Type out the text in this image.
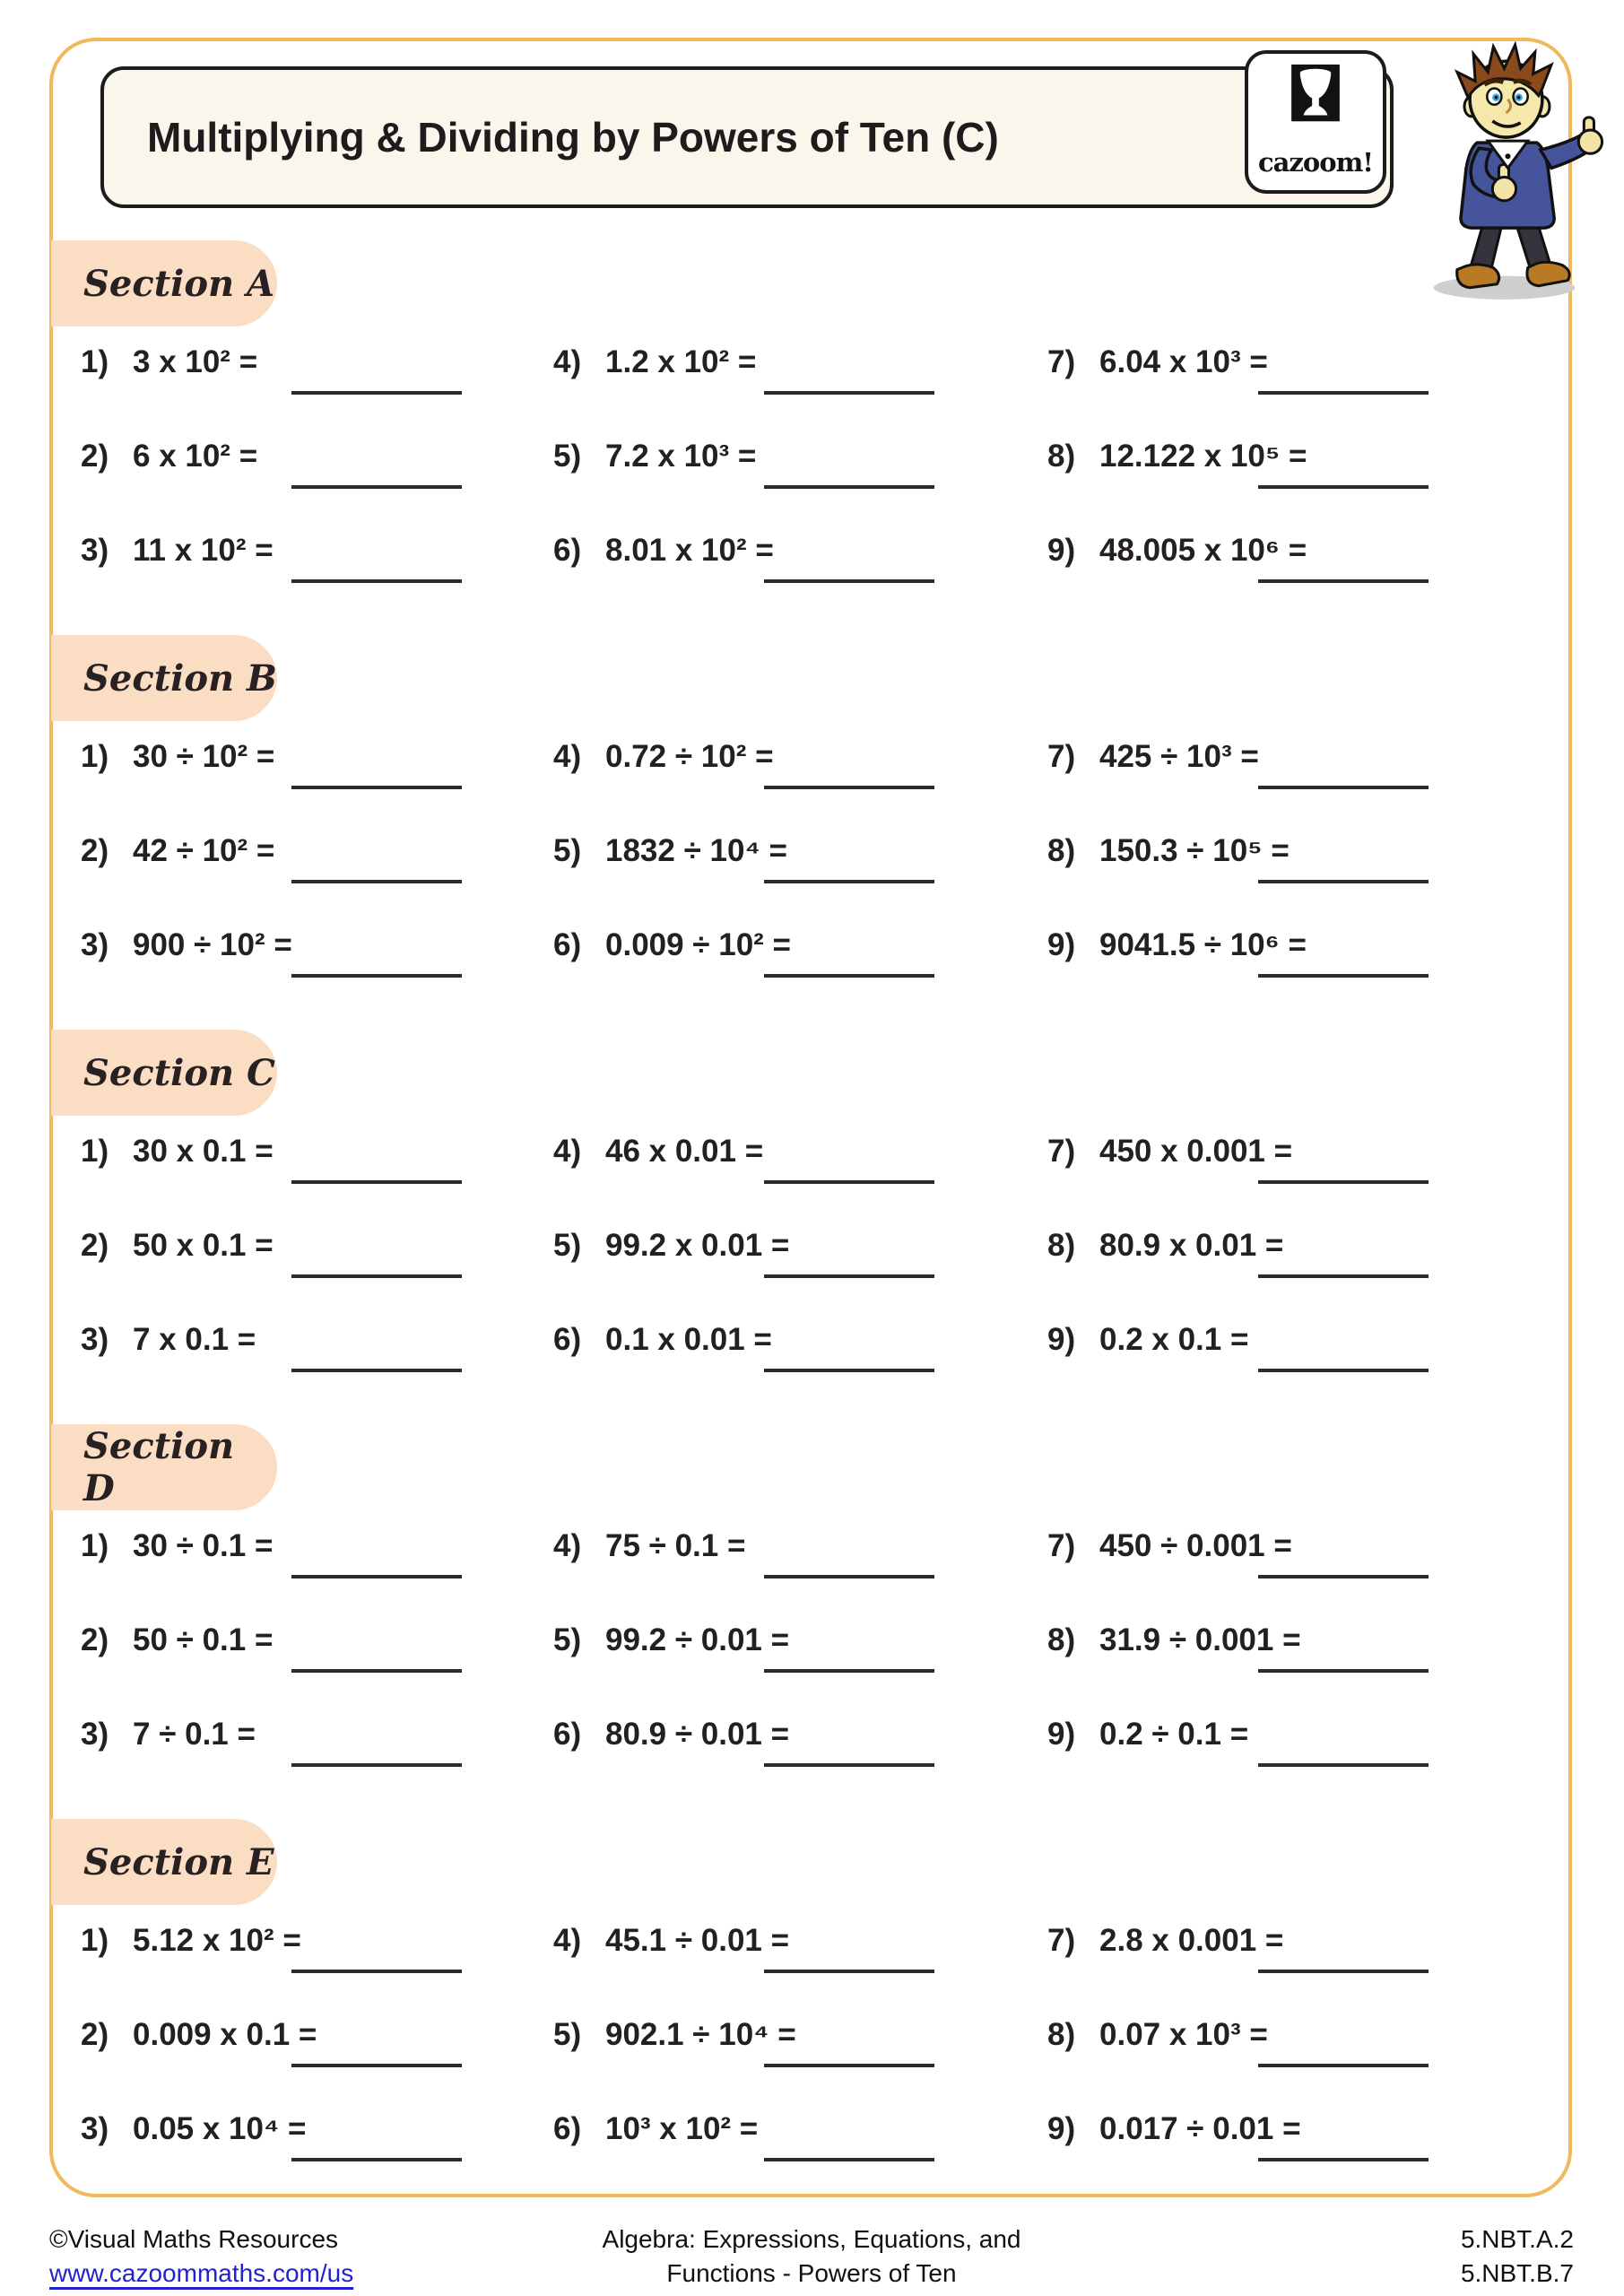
Multiplying & Dividing by Powers of Ten (C)
cazoom!
Section A
1) 3 x 10² =
2) 6 x 10² =
3) 11 x 10² =
4) 1.2 x 10² =
5) 7.2 x 10³ =
6) 8.01 x 10² =
7) 6.04 x 10³ =
8) 12.122 x 10⁵ =
9) 48.005 x 10⁶ =
Section B
1) 30 ÷ 10² =
2) 42 ÷ 10² =
3) 900 ÷ 10² =
4) 0.72 ÷ 10² =
5) 1832 ÷ 10⁴ =
6) 0.009 ÷ 10² =
7) 425 ÷ 10³ =
8) 150.3 ÷ 10⁵ =
9) 9041.5 ÷ 10⁶ =
Section C
1) 30 x 0.1 =
2) 50 x 0.1 =
3) 7 x 0.1 =
4) 46 x 0.01 =
5) 99.2 x 0.01 =
6) 0.1 x 0.01 =
7) 450 x 0.001 =
8) 80.9 x 0.01 =
9) 0.2 x 0.1 =
Section D
1) 30 ÷ 0.1 =
2) 50 ÷ 0.1 =
3) 7 ÷ 0.1 =
4) 75 ÷ 0.1 =
5) 99.2 ÷ 0.01 =
6) 80.9 ÷ 0.01 =
7) 450 ÷ 0.001 =
8) 31.9 ÷ 0.001 =
9) 0.2 ÷ 0.1 =
Section E
1) 5.12 x 10² =
2) 0.009 x 0.1 =
3) 0.05 x 10⁴ =
4) 45.1 ÷ 0.01 =
5) 902.1 ÷ 10⁴ =
6) 10³ x 10² =
7) 2.8 x 0.001 =
8) 0.07 x 10³ =
9) 0.017 ÷ 0.01 =
©Visual Maths Resources
www.cazoommaths.com/us
Algebra: Expressions, Equations, and
Functions - Powers of Ten
5.NBT.A.2
5.NBT.B.7
